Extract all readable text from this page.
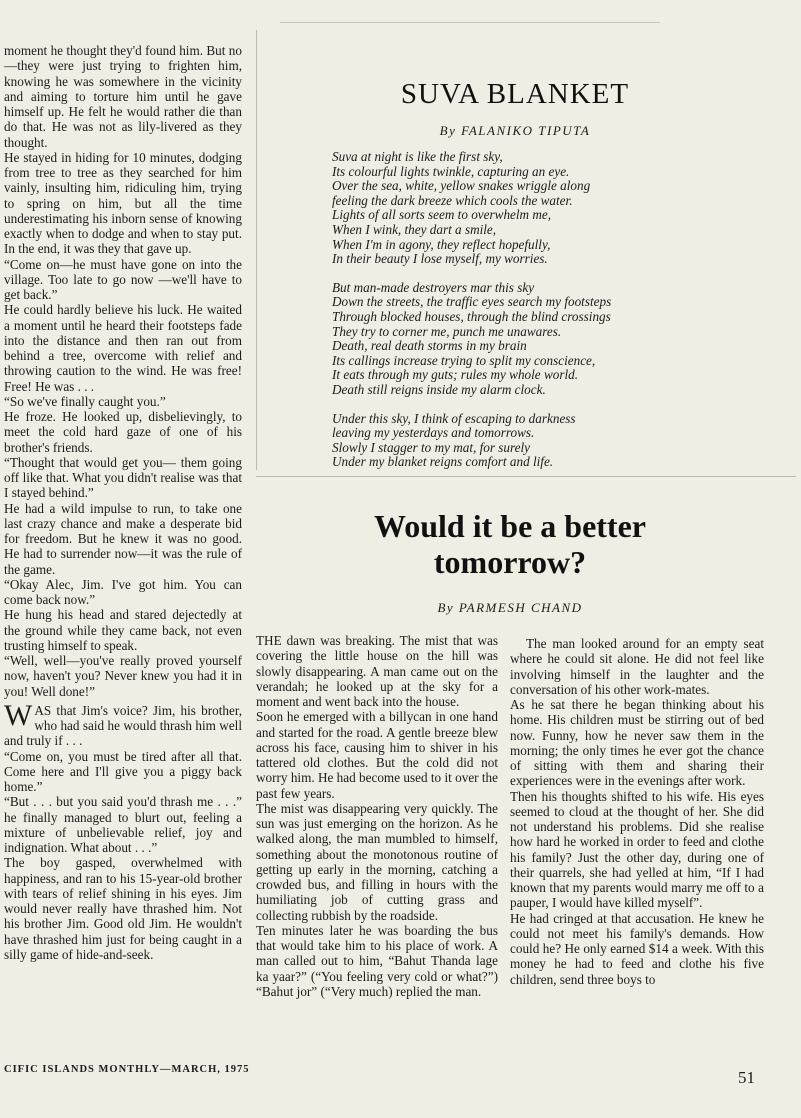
moment he thought they'd found him. But no—they were just trying to frighten him, knowing he was somewhere in the vicinity and aiming to torture him until he gave himself up. He felt he would rather die than do that. He was not as lily-livered as they thought.

He stayed in hiding for 10 minutes, dodging from tree to tree as they searched for him vainly, insulting him, ridiculing him, trying to spring on him, but all the time underestimating his inborn sense of knowing exactly when to dodge and when to stay put. In the end, it was they that gave up.

“Come on—he must have gone on into the village. Too late to go now —we'll have to get back.”

He could hardly believe his luck. He waited a moment until he heard their footsteps fade into the distance and then ran out from behind a tree, overcome with relief and throwing caution to the wind. He was free! Free! He was . . .

“So we've finally caught you.”

He froze. He looked up, disbelievingly, to meet the cold hard gaze of one of his brother's friends.

“Thought that would get you— them going off like that. What you didn't realise was that I stayed behind.”

He had a wild impulse to run, to take one last crazy chance and make a desperate bid for freedom. But he knew it was no good. He had to surrender now—it was the rule of the game.

“Okay Alec, Jim. I've got him. You can come back now.”

He hung his head and stared dejectedly at the ground while they came back, not even trusting himself to speak.

“Well, well—you've really proved yourself now, haven't you? Never knew you had it in you! Well done!”

WAS that Jim's voice? Jim, his brother, who had said he would thrash him well and truly if . . .

“Come on, you must be tired after all that. Come here and I'll give you a piggy back home.”

“But . . . but you said you'd thrash me . . .” he finally managed to blurt out, feeling a mixture of unbelievable relief, joy and indignation. What about . . .”

The boy gasped, overwhelmed with happiness, and ran to his 15-year-old brother with tears of relief shining in his eyes. Jim would never really have thrashed him. Not his brother Jim. Good old Jim. He wouldn't have thrashed him just for being caught in a silly game of hide-and-seek.

SUVA BLANKET
By FALANIKO TIPUTA
Suva at night is like the first sky,
Its colourful lights twinkle, capturing an eye.
Over the sea, white, yellow snakes wriggle along
feeling the dark breeze which cools the water.
Lights of all sorts seem to overwhelm me,
When I wink, they dart a smile,
When I'm in agony, they reflect hopefully,
In their beauty I lose myself, my worries.
But man-made destroyers mar this sky
Down the streets, the traffic eyes search my footsteps
Through blocked houses, through the blind crossings
They try to corner me, punch me unawares.
Death, real death storms in my brain
Its callings increase trying to split my conscience,
It eats through my guts; rules my whole world.
Death still reigns inside my alarm clock.
Under this sky, I think of escaping to darkness
leaving my yesterdays and tomorrows.
Slowly I stagger to my mat, for surely
Under my blanket reigns comfort and life.
Would it be a better
tomorrow?
By PARMESH CHAND

THE dawn was breaking. The mist that was covering the little house on the hill was slowly disappearing. A man came out on the verandah; he looked up at the sky for a moment and went back into the house.

Soon he emerged with a billycan in one hand and started for the road. A gentle breeze blew across his face, causing him to shiver in his tattered old clothes. But the cold did not worry him. He had become used to it over the past few years.

The mist was disappearing very quickly. The sun was just emerging on the horizon. As he walked along, the man mumbled to himself, something about the monotonous routine of getting up early in the morning, catching a crowded bus, and filling in hours with the humiliating job of cutting grass and collecting rubbish by the roadside.

Ten minutes later he was boarding the bus that would take him to his place of work. A man called out to him, “Bahut Thanda lage ka yaar?” (“You feeling very cold or what?”) “Bahut jor” (“Very much) replied the man.

The man looked around for an empty seat where he could sit alone. He did not feel like involving himself in the laughter and the conversation of his other work-mates.

As he sat there he began thinking about his home. His children must be stirring out of bed now. Funny, how he never saw them in the morning; the only times he ever got the chance of sitting with them and sharing their experiences were in the evenings after work.

Then his thoughts shifted to his wife. His eyes seemed to cloud at the thought of her. She did not understand his problems. Did she realise how hard he worked in order to feed and clothe his family? Just the other day, during one of their quarrels, she had yelled at him, “If I had known that my parents would marry me off to a pauper, I would have killed myself”.

He had cringed at that accusation. He knew he could not meet his family's demands. How could he? He only earned $14 a week. With this money he had to feed and clothe his five children, send three boys to

CIFIC ISLANDS MONTHLY—MARCH, 1975	51
